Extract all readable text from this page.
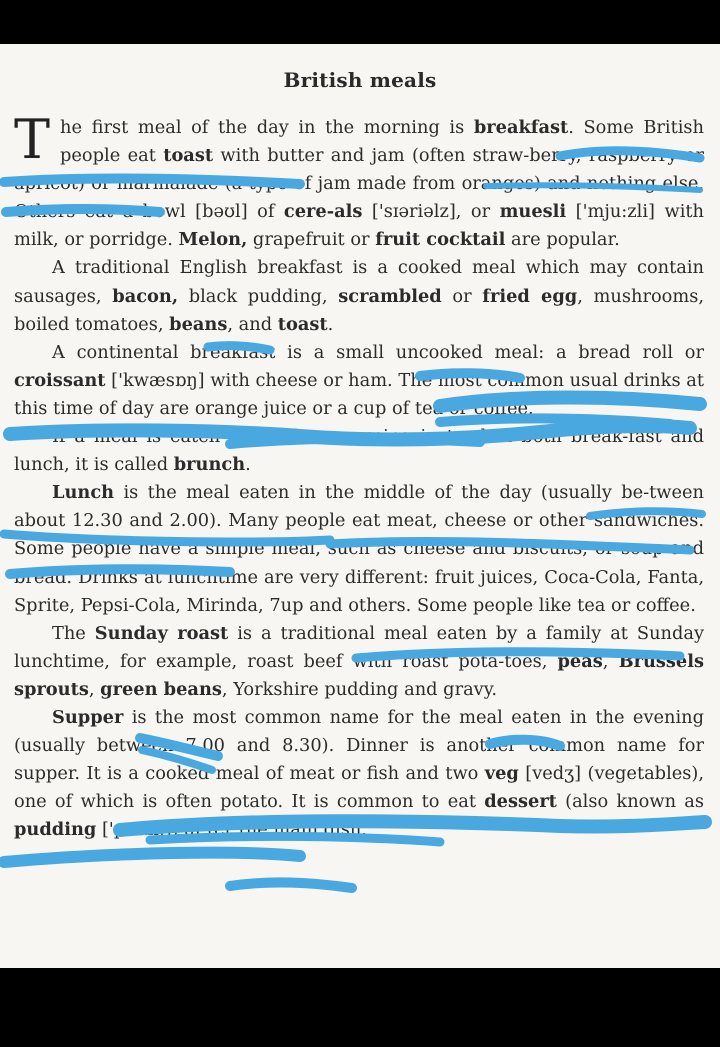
British meals

The first meal of the day in the morning is breakfast. Some British people eat toast with butter and jam (often straw-berry, raspberry or apricot) or marmalade (a type of jam made from oranges) and nothing else. Others eat a bowl [bəʊl] of cere-als ['sɪəriəlz], or muesli ['mju:zli] with milk, or porridge. Melon, grapefruit or fruit cocktail are popular.

A traditional English breakfast is a cooked meal which may contain sausages, bacon, black pudding, scrambled or fried egg, mushrooms, boiled tomatoes, beans, and toast.

A continental breakfast is a small uncooked meal: a bread roll or croissant ['kwæsɒŋ] with cheese or ham. The most common usual drinks at this time of day are orange juice or a cup of tea or coffee.

If a meal is eaten in the late morning instead of both break-fast and lunch, it is called brunch.

Lunch is the meal eaten in the middle of the day (usually be-tween about 12.30 and 2.00). Many people eat meat, cheese or other sandwiches. Some people have a simple meal, such as cheese and biscuits, or soup and bread. Drinks at lunchtime are very different: fruit juices, Coca-Cola, Fanta, Sprite, Pepsi-Cola, Mirinda, 7up and others. Some people like tea or coffee.

The Sunday roast is a traditional meal eaten by a family at Sunday lunchtime, for example, roast beef with roast pota-toes, peas, Brussels sprouts, green beans, Yorkshire pudding and gravy.

Supper is the most common name for the meal eaten in the evening (usually between 7.00 and 8.30). Dinner is another common name for supper. It is a cooked meal of meat or fish and two veg [vedʒ] (vegetables), one of which is often potato. It is common to eat dessert (also known as pudding ['pʊdɪŋ]) af-ter the main dish.
